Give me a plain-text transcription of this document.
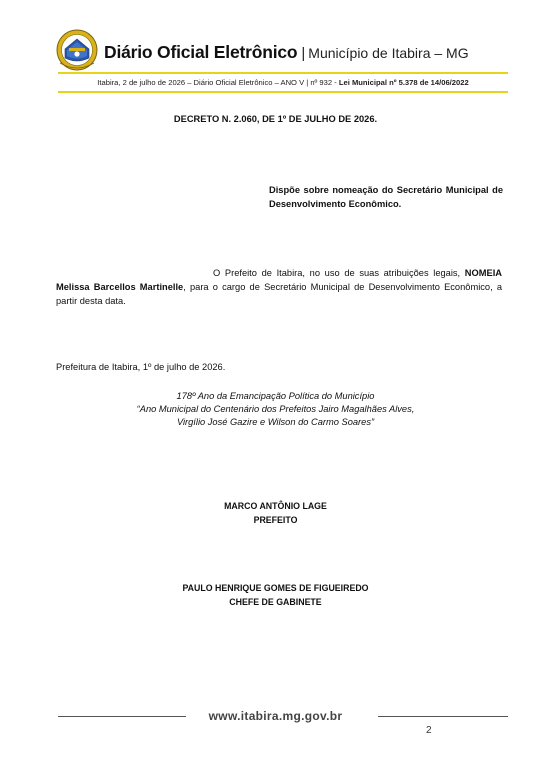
Diário Oficial Eletrônico | Município de Itabira – MG
Itabira, 2 de julho de 2026 – Diário Oficial Eletrônico – ANO V | nº 932 - Lei Municipal nº 5.378 de 14/06/2022
DECRETO N. 2.060, DE 1º DE JULHO DE 2026.
Dispõe sobre nomeação do Secretário Municipal de Desenvolvimento Econômico.
O Prefeito de Itabira, no uso de suas atribuições legais, NOMEIA Melissa Barcellos Martinelle, para o cargo de Secretário Municipal de Desenvolvimento Econômico, a partir desta data.
Prefeitura de Itabira, 1º de julho de 2026.
178º Ano da Emancipação Política do Município
“Ano Municipal do Centenário dos Prefeitos Jairo Magalhães Alves,
Virgílio José Gazire e Wilson do Carmo Soares”
MARCO ANTÔNIO LAGE
PREFEITO
PAULO HENRIQUE GOMES DE FIGUEIREDO
CHEFE DE GABINETE
www.itabira.mg.gov.br
2
